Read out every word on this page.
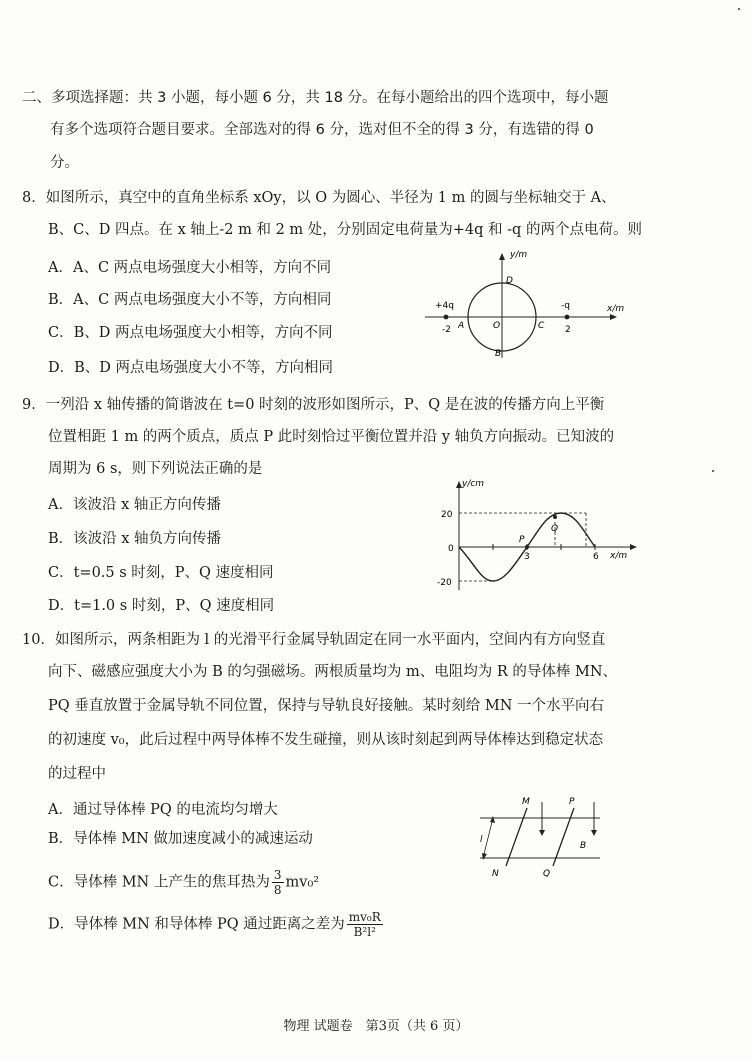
二、多项选择题：共 3 小题，每小题 6 分，共 18 分。在每小题给出的四个选项中，每小题
有多个选项符合题目要求。全部选对的得 6 分，选对但不全的得 3 分，有选错的得 0
分。
8．如图所示，真空中的直角坐标系 xOy，以 O 为圆心、半径为 1 m 的圆与坐标轴交于 A、
B、C、D 四点。在 x 轴上-2 m 和 2 m 处，分别固定电荷量为+4q 和 -q 的两个点电荷。则
A．A、C 两点电场强度大小相等，方向不同
B．A、C 两点电场强度大小不等，方向相同
C．B、D 两点电场强度大小相等，方向不同
D．B、D 两点电场强度大小不等，方向相同
y/m
x/m
+4q	-q
-2	2
A
B
C
D
O
9．一列沿 x 轴传播的简谐波在 t=0 时刻的波形如图所示，P、Q 是在波的传播方向上平衡
位置相距 1 m 的两个质点，质点 P 此时刻恰过平衡位置并沿 y 轴负方向振动。已知波的
周期为 6 s，则下列说法正确的是
A．该波沿 x 轴正方向传播
B．该波沿 x 轴负方向传播
C．t=0.5 s 时刻，P、Q 速度相同
D．t=1.0 s 时刻，P、Q 速度相同
y/cm
x/m
20
-20
0
3	6
P
Q
10．如图所示，两条相距为 l 的光滑平行金属导轨固定在同一水平面内，空间内有方向竖直
向下、磁感应强度大小为 B 的匀强磁场。两根质量均为 m、电阻均为 R 的导体棒 MN、
PQ 垂直放置于金属导轨不同位置，保持与导轨良好接触。某时刻给 MN 一个水平向右
的初速度 v₀，此后过程中两导体棒不发生碰撞，则从该时刻起到两导体棒达到稳定状态
的过程中
A．通过导体棒 PQ 的电流均匀增大
B．导体棒 MN 做加速度减小的减速运动
C．导体棒 MN 上产生的焦耳热为 $\frac{3}{8} mv_0^2$
D．导体棒 MN 和导体棒 PQ 通过距离之差为 $\frac{\text{mv₀R}}{\text{B²l²}}$
M
N
P
Q
B
l
物理 试题卷　第3页（共 6 页）
